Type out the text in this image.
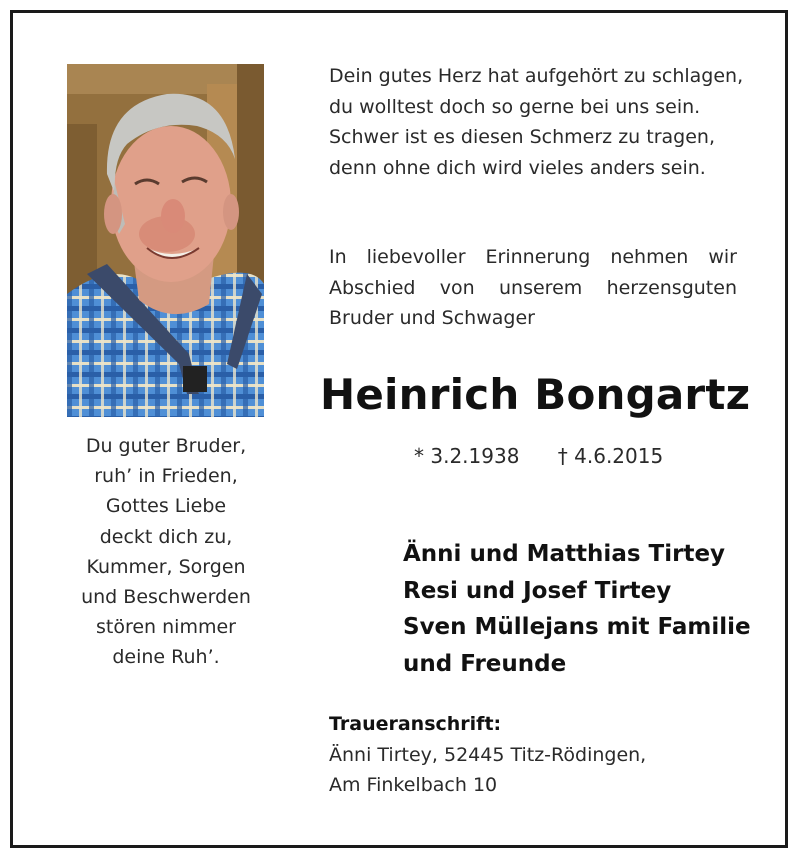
Dein gutes Herz hat aufgehört zu schlagen,
du wolltest doch so gerne bei uns sein.
Schwer ist es diesen Schmerz zu tragen,
denn ohne dich wird vieles anders sein.
In liebevoller Erinnerung nehmen wir
Abschied von unserem herzensguten
Bruder und Schwager
Heinrich Bongartz
* 3.2.1938 † 4.6.2015
Du guter Bruder,
ruh’ in Frieden,
Gottes Liebe
deckt dich zu,
Kummer, Sorgen
und Beschwerden
stören nimmer
deine Ruh’.
Änni und Matthias Tirtey
Resi und Josef Tirtey
Sven Müllejans mit Familie
und Freunde
Traueranschrift:
Änni Tirtey, 52445 Titz-Rödingen,
Am Finkelbach 10
